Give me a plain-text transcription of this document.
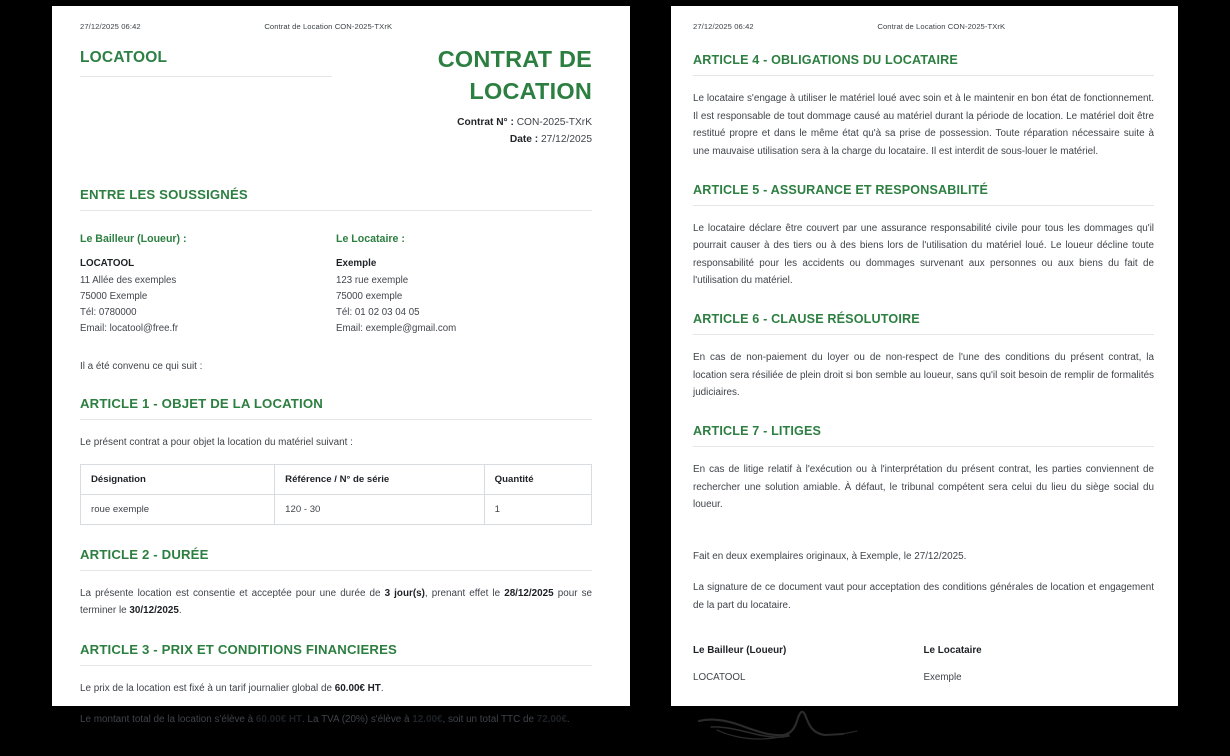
27/12/2025 06:42	Contrat de Location CON-2025-TXrK
LOCATOOL	CONTRAT DE LOCATION
Contrat N° : CON-2025-TXrK
Date : 27/12/2025
ENTRE LES SOUSSIGNÉS
Le Bailleur (Loueur) :
LOCATOOL
11 Allée des exemples
75000 Exemple
Tél: 0780000
Email: locatool@free.fr
Le Locataire :
Exemple
123 rue exemple
75000 exemple
Tél: 01 02 03 04 05
Email: exemple@gmail.com

Il a été convenu ce qui suit :

ARTICLE 1 - OBJET DE LA LOCATION

Le présent contrat a pour objet la location du matériel suivant :

Désignation	Référence / N° de série	Quantité
roue exemple	120 - 30	1
ARTICLE 2 - DURÉE

La présente location est consentie et acceptée pour une durée de 3 jour(s), prenant effet le 28/12/2025 pour se terminer le 30/12/2025.

ARTICLE 3 - PRIX ET CONDITIONS FINANCIERES

Le prix de la location est fixé à un tarif journalier global de 60.00€ HT.

Le montant total de la location s'élève à 60.00€ HT. La TVA (20%) s'élève à 12.00€, soit un total TTC de 72.00€.

27/12/2025 06:42	Contrat de Location CON-2025-TXrK
ARTICLE 4 - OBLIGATIONS DU LOCATAIRE

Le locataire s'engage à utiliser le matériel loué avec soin et à le maintenir en bon état de fonctionnement. Il est responsable de tout dommage causé au matériel durant la période de location. Le matériel doit être restitué propre et dans le même état qu'à sa prise de possession. Toute réparation nécessaire suite à une mauvaise utilisation sera à la charge du locataire. Il est interdit de sous-louer le matériel.

ARTICLE 5 - ASSURANCE ET RESPONSABILITÉ

Le locataire déclare être couvert par une assurance responsabilité civile pour tous les dommages qu'il pourrait causer à des tiers ou à des biens lors de l'utilisation du matériel loué. Le loueur décline toute responsabilité pour les accidents ou dommages survenant aux personnes ou aux biens du fait de l'utilisation du matériel.

ARTICLE 6 - CLAUSE RÉSOLUTOIRE

En cas de non-paiement du loyer ou de non-respect de l'une des conditions du présent contrat, la location sera résiliée de plein droit si bon semble au loueur, sans qu'il soit besoin de remplir de formalités judiciaires.

ARTICLE 7 - LITIGES

En cas de litige relatif à l'exécution ou à l'interprétation du présent contrat, les parties conviennent de rechercher une solution amiable. À défaut, le tribunal compétent sera celui du lieu du siège social du loueur.

Fait en deux exemplaires originaux, à Exemple, le 27/12/2025.

La signature de ce document vaut pour acceptation des conditions générales de location et engagement de la part du locataire.

Le Bailleur (Loueur)
LOCATOOL
Le Locataire
Exemple
